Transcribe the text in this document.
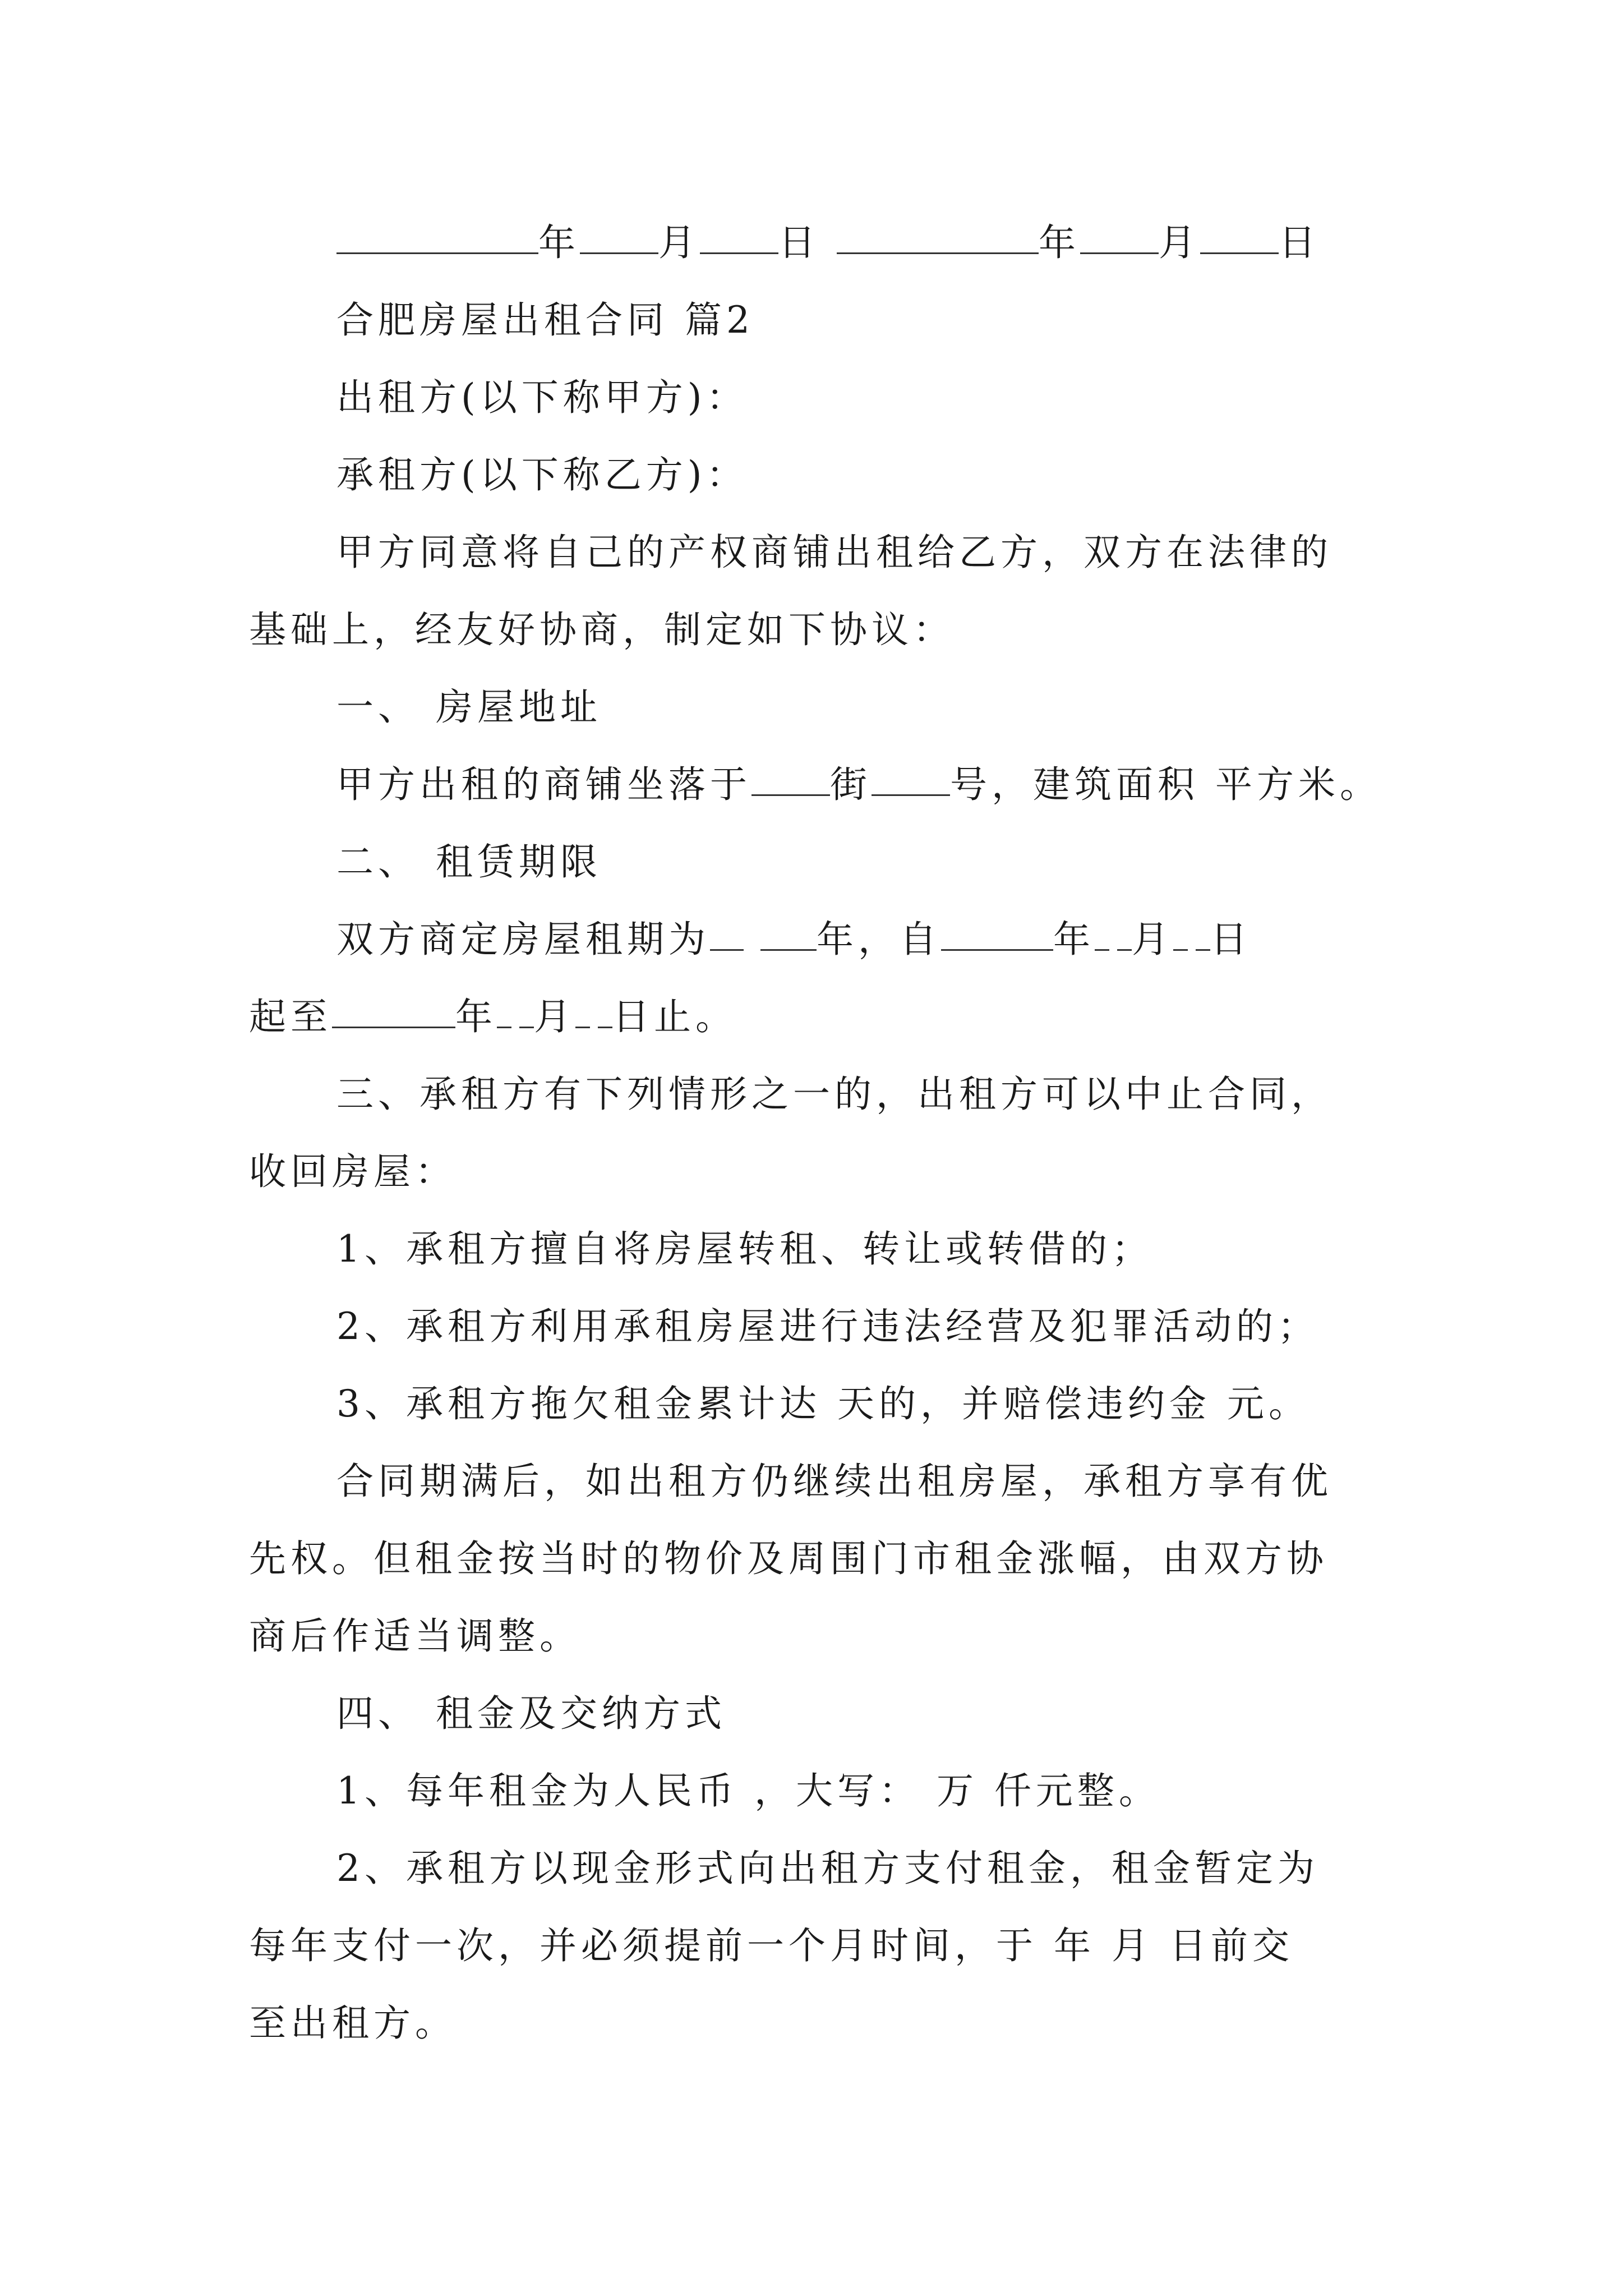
年 月 日	年 月 日
合肥房屋出租合同 篇2
出租方(以下称甲方)：
承租方(以下称乙方)：
甲方同意将自己的产权商铺出租给乙方，双方在法律的
基础上，经友好协商，制定如下协议：
一、 房屋地址
甲方出租的商铺坐落于 街 号，建筑面积 平方米。
二、 租赁期限
双方商定房屋租期为	年，自	年 月 日
起至	年 月 日止。
三、承租方有下列情形之一的，出租方可以中止合同，
收回房屋：
1、承租方擅自将房屋转租、转让或转借的；
2、承租方利用承租房屋进行违法经营及犯罪活动的；
3、承租方拖欠租金累计达 天的，并赔偿违约金 元。
合同期满后，如出租方仍继续出租房屋，承租方享有优
先权。但租金按当时的物价及周围门市租金涨幅，由双方协
商后作适当调整。
四、 租金及交纳方式
1、每年租金为人民币 ，大写： 万 仟元整。
2、承租方以现金形式向出租方支付租金，租金暂定为
每年支付一次，并必须提前一个月时间，于 年 月 日前交
至出租方。
